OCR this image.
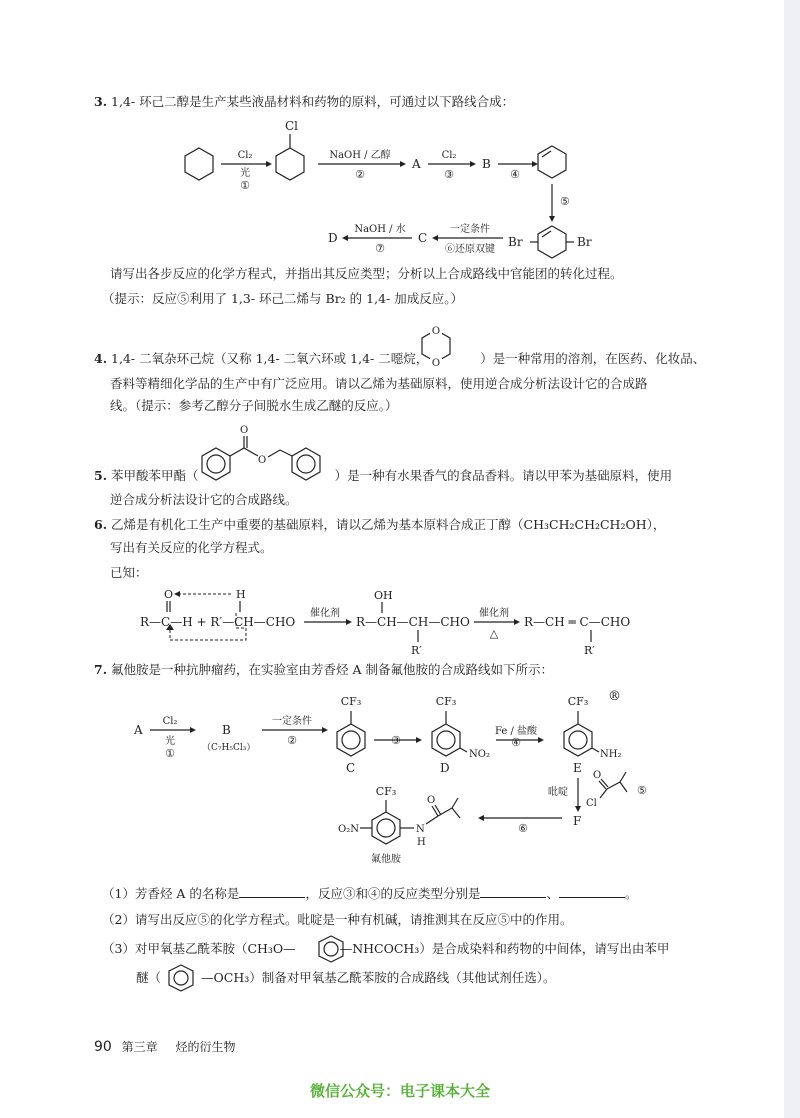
3. 1,4- 环己二醇是生产某些液晶材料和药物的原料，可通过以下路线合成：
Cl₂
光
①
Cl
NaOH / 乙醇
②
A
Cl₂
③
B
④
⑤
Br	Br
一定条件
⑥还原双键
C
NaOH / 水
⑦
D
请写出各步反应的化学方程式，并指出其反应类型；分析以上合成路线中官能团的转化过程。
（提示：反应⑤利用了 1,3- 环己二烯与 Br₂ 的 1,4- 加成反应。）
4. 1,4- 二氧杂环己烷（又称 1,4- 二氧六环或 1,4- 二噁烷，	）是一种常用的溶剂，在医药、化妆品、
O
O
香料等精细化学品的生产中有广泛应用。请以乙烯为基础原料，使用逆合成分析法设计它的合成路
线。（提示：参考乙醇分子间脱水生成乙醚的反应。）
5. 苯甲酸苯甲酯（	）是一种有水果香气的食品香料。请以甲苯为基础原料，使用
O
O
逆合成分析法设计它的合成路线。
6. 乙烯是有机化工生产中重要的基础原料，请以乙烯为基本原料合成正丁醇（CH₃CH₂CH₂CH₂OH），
写出有关反应的化学方程式。
已知：
O	H
R—C—H + R′—CH—CHO
催化剂
OH
R—CH—CH—CHO
R′
催化剂
△
R—CH ═ C—CHO
R′
7. 氟他胺是一种抗肿瘤药，在实验室由芳香烃 A 制备氟他胺的合成路线如下所示：
A
Cl₂
光
①
B
（C₇H₅Cl₃）
一定条件
②
CF₃
C
③
CF₃
NO₂
D
Fe / 盐酸
④
CF₃
NH₂
E
®
吡啶
O
Cl
⑤
F
⑥
CF₃
O₂N	N
H
O
氟他胺
（1）芳香烃 A 的名称是	，反应③和④的反应类型分别是	、	。
（2）请写出反应⑤的化学方程式。吡啶是一种有机碱，请推测其在反应⑤中的作用。
（3）对甲氧基乙酰苯胺（CH₃O—	—NHCOCH₃）是合成染料和药物的中间体，请写出由苯甲
醚（	—OCH₃）制备对甲氧基乙酰苯胺的合成路线（其他试剂任选）。
90 第三章 烃的衍生物
微信公众号：电子课本大全
